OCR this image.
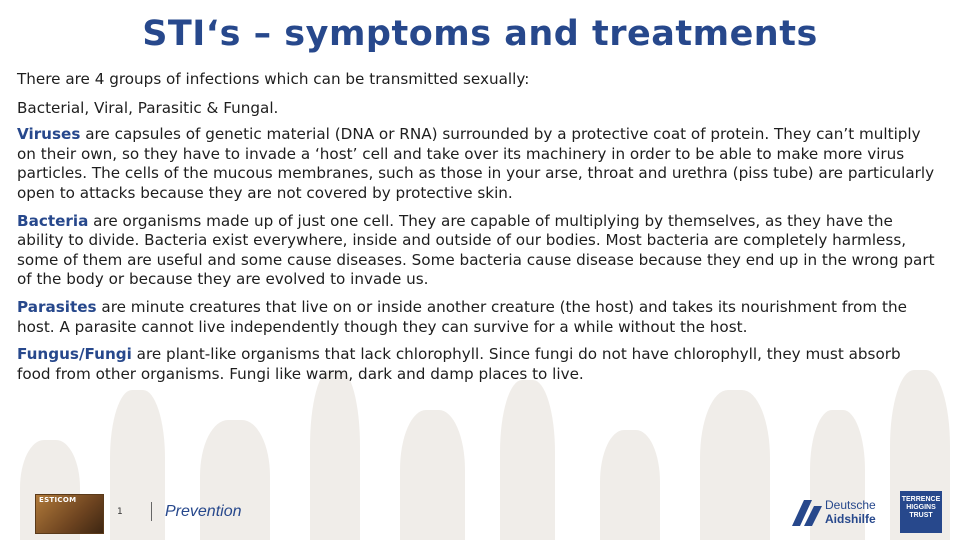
STI‘s – symptoms and treatments

There are 4 groups of infections which can be transmitted sexually:

Bacterial, Viral, Parasitic & Fungal.

Viruses are capsules of genetic material (DNA or RNA) surrounded by a protective coat of protein. They can’t multiply on their own, so they have to invade a ‘host’ cell and take over its machinery in order to be able to make more virus particles. The cells of the mucous membranes, such as those in your arse, throat and urethra (piss tube) are particularly open to attacks because they are not covered by protective skin.

Bacteria are organisms made up of just one cell. They are capable of multiplying by themselves, as they have the ability to divide. Bacteria exist everywhere, inside and outside of our bodies. Most bacteria are completely harmless, some of them are useful and some cause diseases. Some bacteria cause disease because they end up in the wrong part of the body or because they are evolved to invade us.

Parasites are minute creatures that live on or inside another creature (the host) and takes its nourishment from the host. A parasite cannot live independently though they can survive for a while without the host.

Fungus/Fungi are plant-like organisms that lack chlorophyll. Since fungi do not have chlorophyll, they must absorb food from other organisms. Fungi like warm, dark and damp places to live.

ESTICOM
1	Prevention	Deutsche
Aidshilfe
TERRENCE HIGGINS TRUST
